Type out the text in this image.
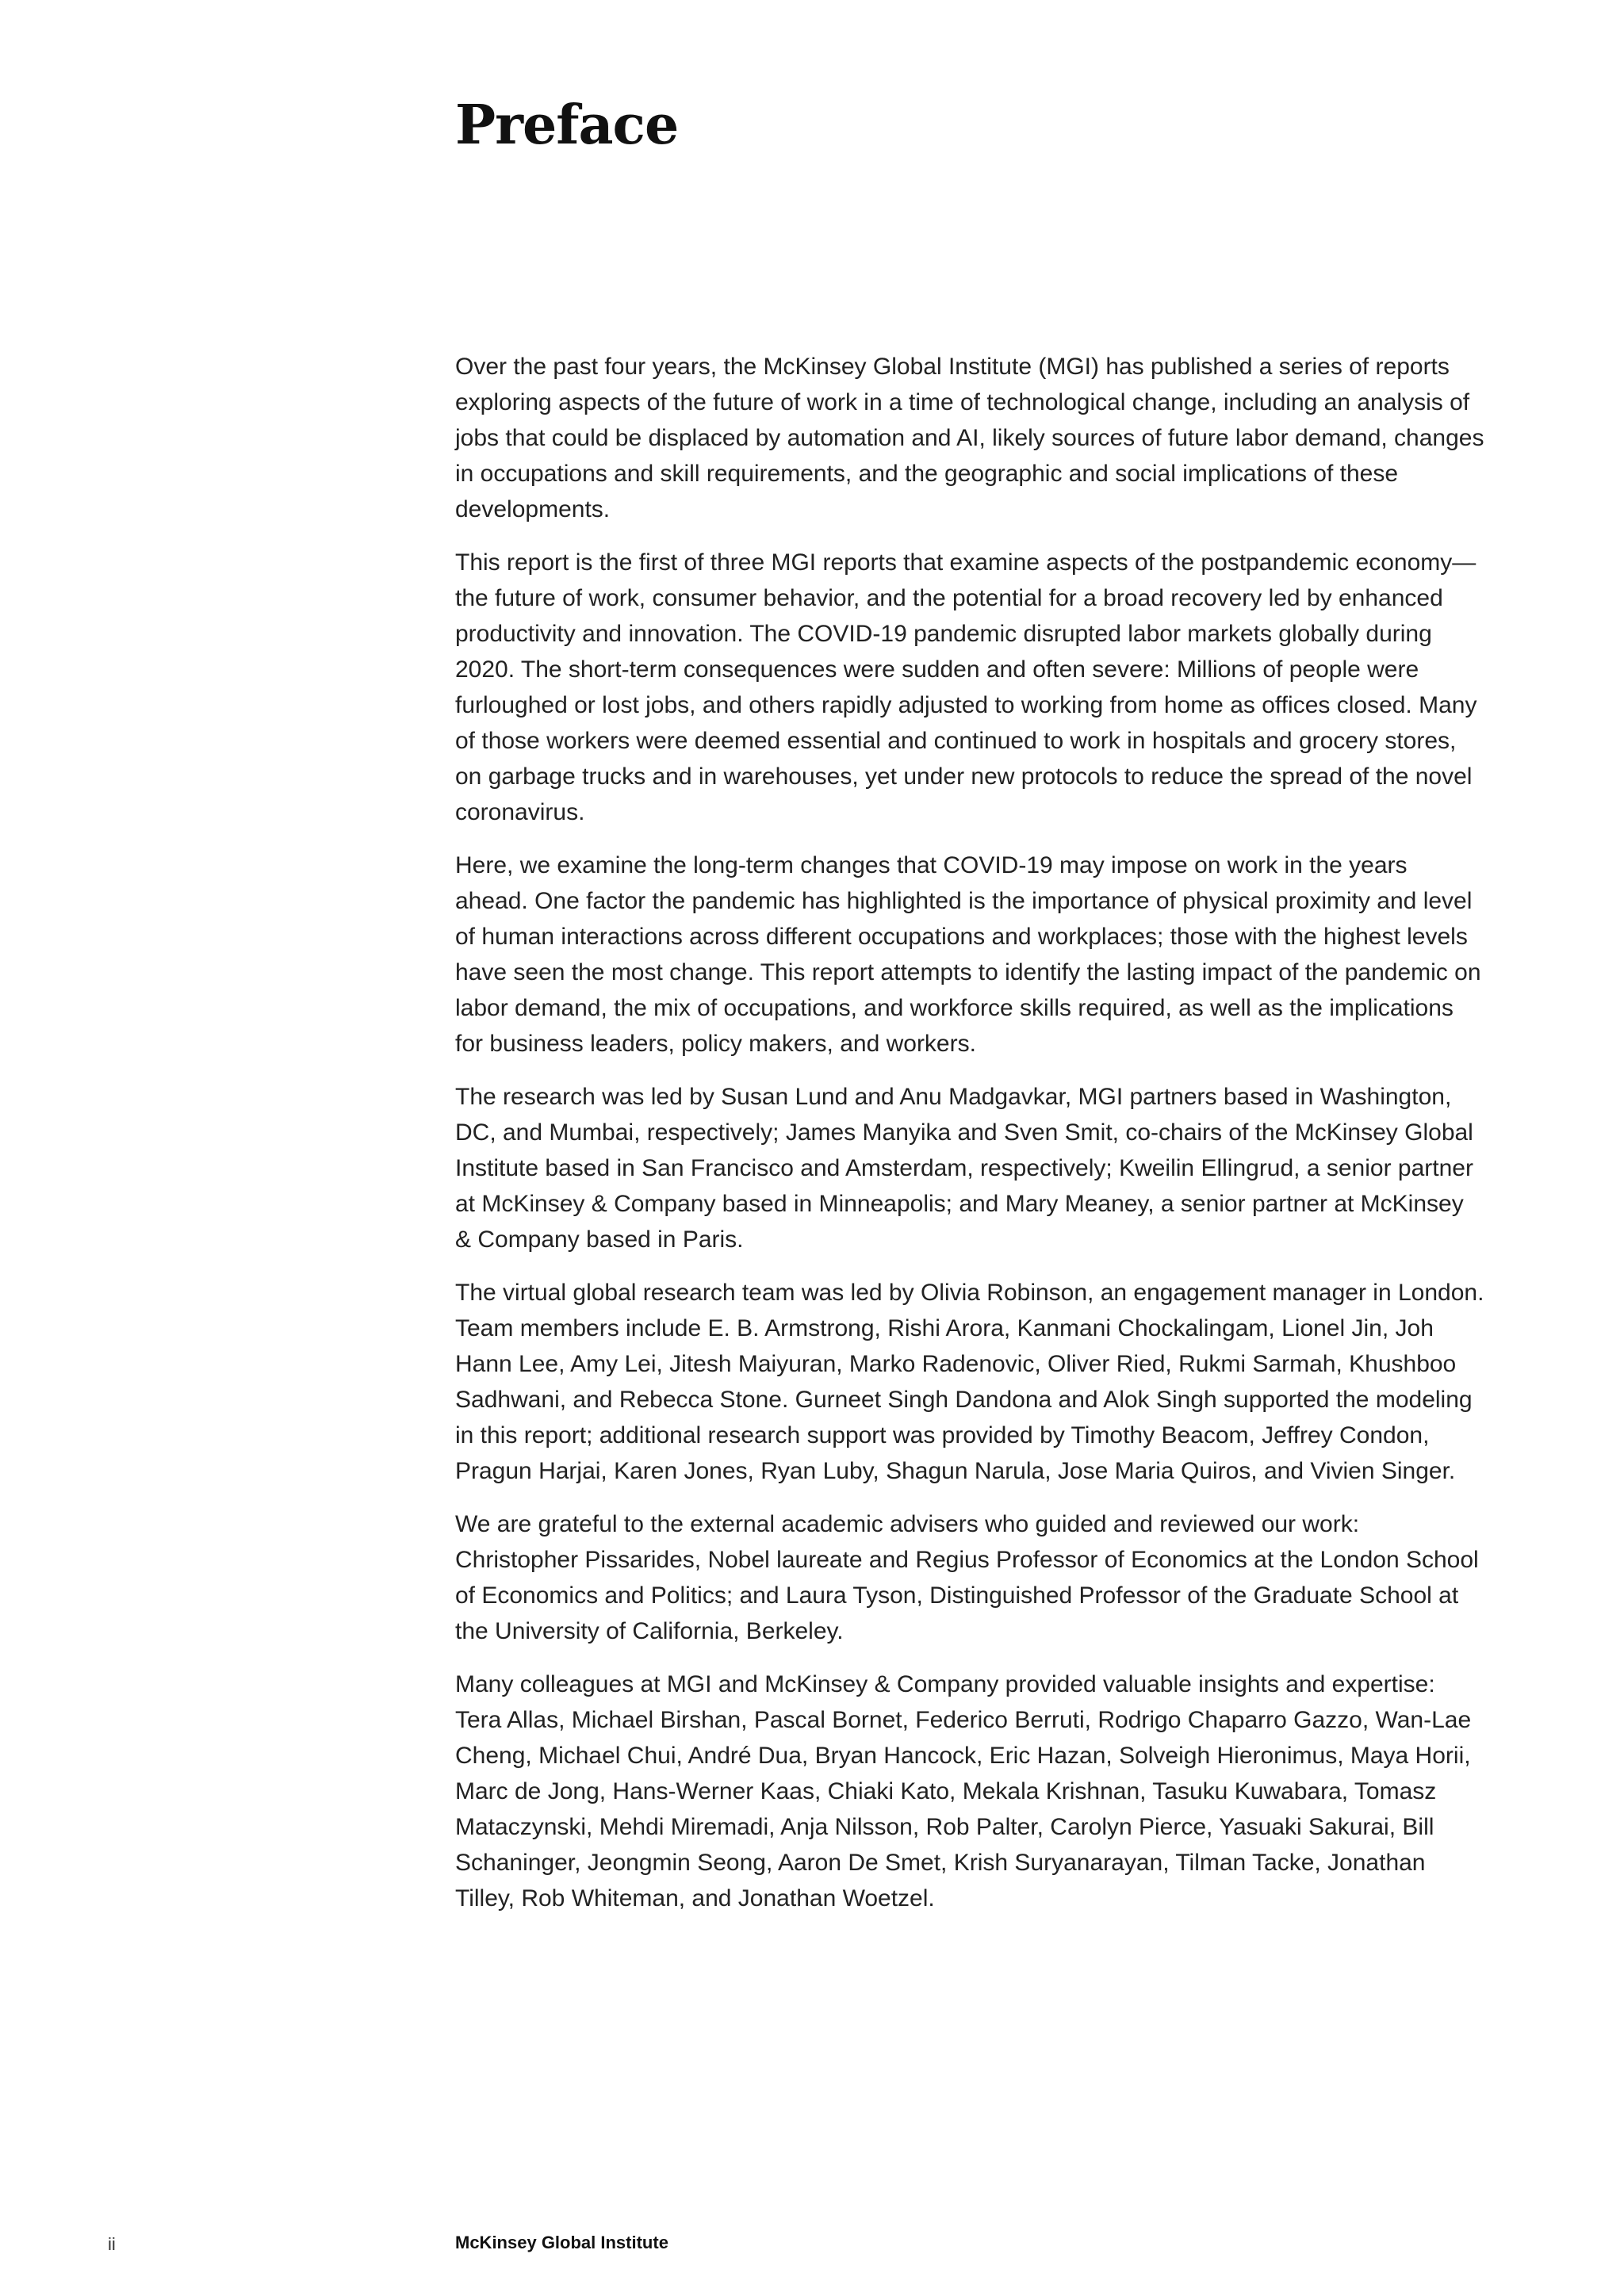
Preface

Over the past four years, the McKinsey Global Institute (MGI) has published a series of reports exploring aspects of the future of work in a time of technological change, including an analysis of jobs that could be displaced by automation and AI, likely sources of future labor demand, changes in occupations and skill requirements, and the geographic and social implications of these developments.

This report is the first of three MGI reports that examine aspects of the postpandemic economy—the future of work, consumer behavior, and the potential for a broad recovery led by enhanced productivity and innovation. The COVID-19 pandemic disrupted labor markets globally during 2020. The short-term consequences were sudden and often severe: Millions of people were furloughed or lost jobs, and others rapidly adjusted to working from home as offices closed. Many of those workers were deemed essential and continued to work in hospitals and grocery stores, on garbage trucks and in warehouses, yet under new protocols to reduce the spread of the novel coronavirus.

Here, we examine the long-term changes that COVID-19 may impose on work in the years ahead. One factor the pandemic has highlighted is the importance of physical proximity and level of human interactions across different occupations and workplaces; those with the highest levels have seen the most change. This report attempts to identify the lasting impact of the pandemic on labor demand, the mix of occupations, and workforce skills required, as well as the implications for business leaders, policy makers, and workers.

The research was led by Susan Lund and Anu Madgavkar, MGI partners based in Washington, DC, and Mumbai, respectively; James Manyika and Sven Smit, co-chairs of the McKinsey Global Institute based in San Francisco and Amsterdam, respectively; Kweilin Ellingrud, a senior partner at McKinsey & Company based in Minneapolis; and Mary Meaney, a senior partner at McKinsey & Company based in Paris.

The virtual global research team was led by Olivia Robinson, an engagement manager in London. Team members include E. B. Armstrong, Rishi Arora, Kanmani Chockalingam, Lionel Jin, Joh Hann Lee, Amy Lei, Jitesh Maiyuran, Marko Radenovic, Oliver Ried, Rukmi Sarmah, Khushboo Sadhwani, and Rebecca Stone. Gurneet Singh Dandona and Alok Singh supported the modeling in this report; additional research support was provided by Timothy Beacom, Jeffrey Condon, Pragun Harjai, Karen Jones, Ryan Luby, Shagun Narula, Jose Maria Quiros, and Vivien Singer.

We are grateful to the external academic advisers who guided and reviewed our work: Christopher Pissarides, Nobel laureate and Regius Professor of Economics at the London School of Economics and Politics; and Laura Tyson, Distinguished Professor of the Graduate School at the University of California, Berkeley.

Many colleagues at MGI and McKinsey & Company provided valuable insights and expertise: Tera Allas, Michael Birshan, Pascal Bornet, Federico Berruti, Rodrigo Chaparro Gazzo, Wan-Lae Cheng, Michael Chui, André Dua, Bryan Hancock, Eric Hazan, Solveigh Hieronimus, Maya Horii, Marc de Jong, Hans-Werner Kaas, Chiaki Kato, Mekala Krishnan, Tasuku Kuwabara, Tomasz Mataczynski, Mehdi Miremadi, Anja Nilsson, Rob Palter, Carolyn Pierce, Yasuaki Sakurai, Bill Schaninger, Jeongmin Seong, Aaron De Smet, Krish Suryanarayan, Tilman Tacke, Jonathan Tilley, Rob Whiteman, and Jonathan Woetzel.

ii	McKinsey Global Institute
